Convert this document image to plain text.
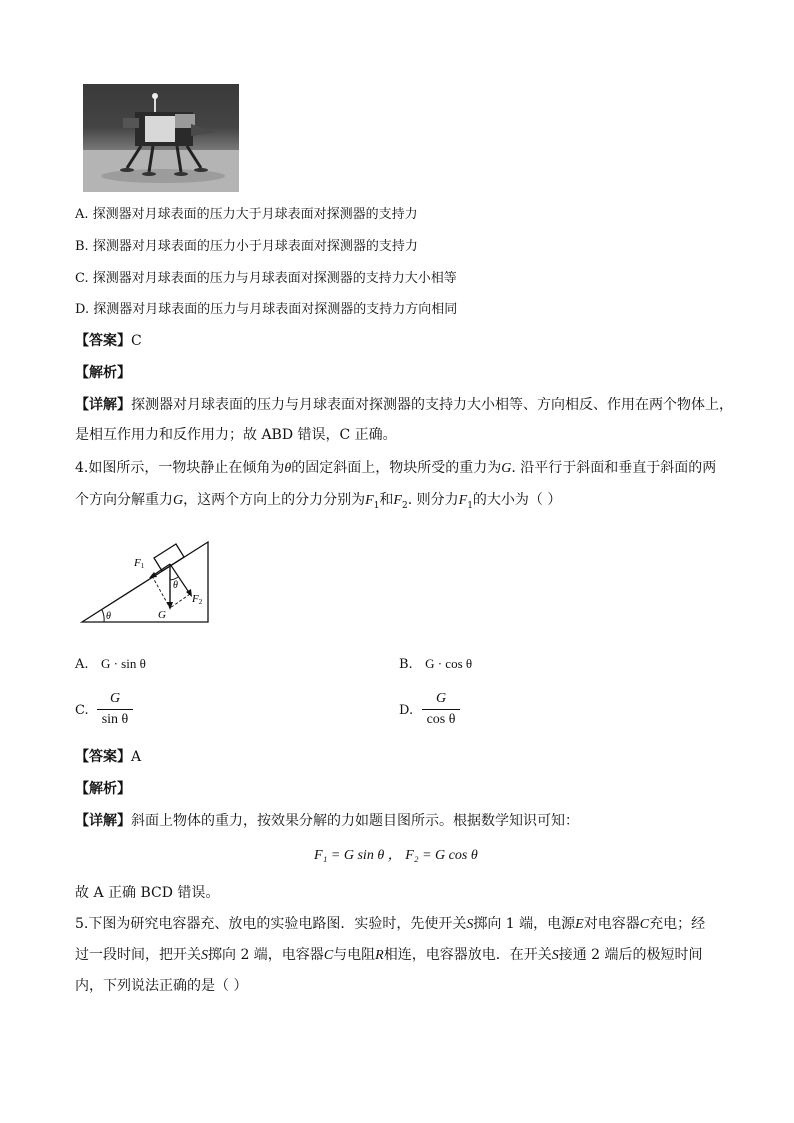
A. 探测器对月球表面的压力大于月球表面对探测器的支持力
B. 探测器对月球表面的压力小于月球表面对探测器的支持力
C. 探测器对月球表面的压力与月球表面对探测器的支持力大小相等
D. 探测器对月球表面的压力与月球表面对探测器的支持力方向相同
【答案】C
【解析】
【详解】探测器对月球表面的压力与月球表面对探测器的支持力大小相等、方向相反、作用在两个物体上，
是相互作用力和反作用力；故 ABD 错误，C 正确。
4.如图所示，一物块静止在倾角为θ的固定斜面上，物块所受的重力为G. 沿平行于斜面和垂直于斜面的两
个方向分解重力G，这两个方向上的分力分别为$F_1$和$F_2$. 则分力$F_1$的大小为（ ）
F1
F2
θ
θ	G
A. G · sin θ	B. G · cos θ
C.
G
sin θ
D.
G
cos θ
【答案】A
【解析】
【详解】斜面上物体的重力，按效果分解的力如题目图所示。根据数学知识可知：
F₁ = G sin θ ， F₂ = G cos θ
故 A 正确 BCD 错误。
5.下图为研究电容器充、放电的实验电路图．实验时，先使开关S掷向 1 端，电源E对电容器C充电；经
过一段时间，把开关S掷向 2 端，电容器C与电阻R相连，电容器放电．在开关S接通 2 端后的极短时间
内，下列说法正确的是（ ）
